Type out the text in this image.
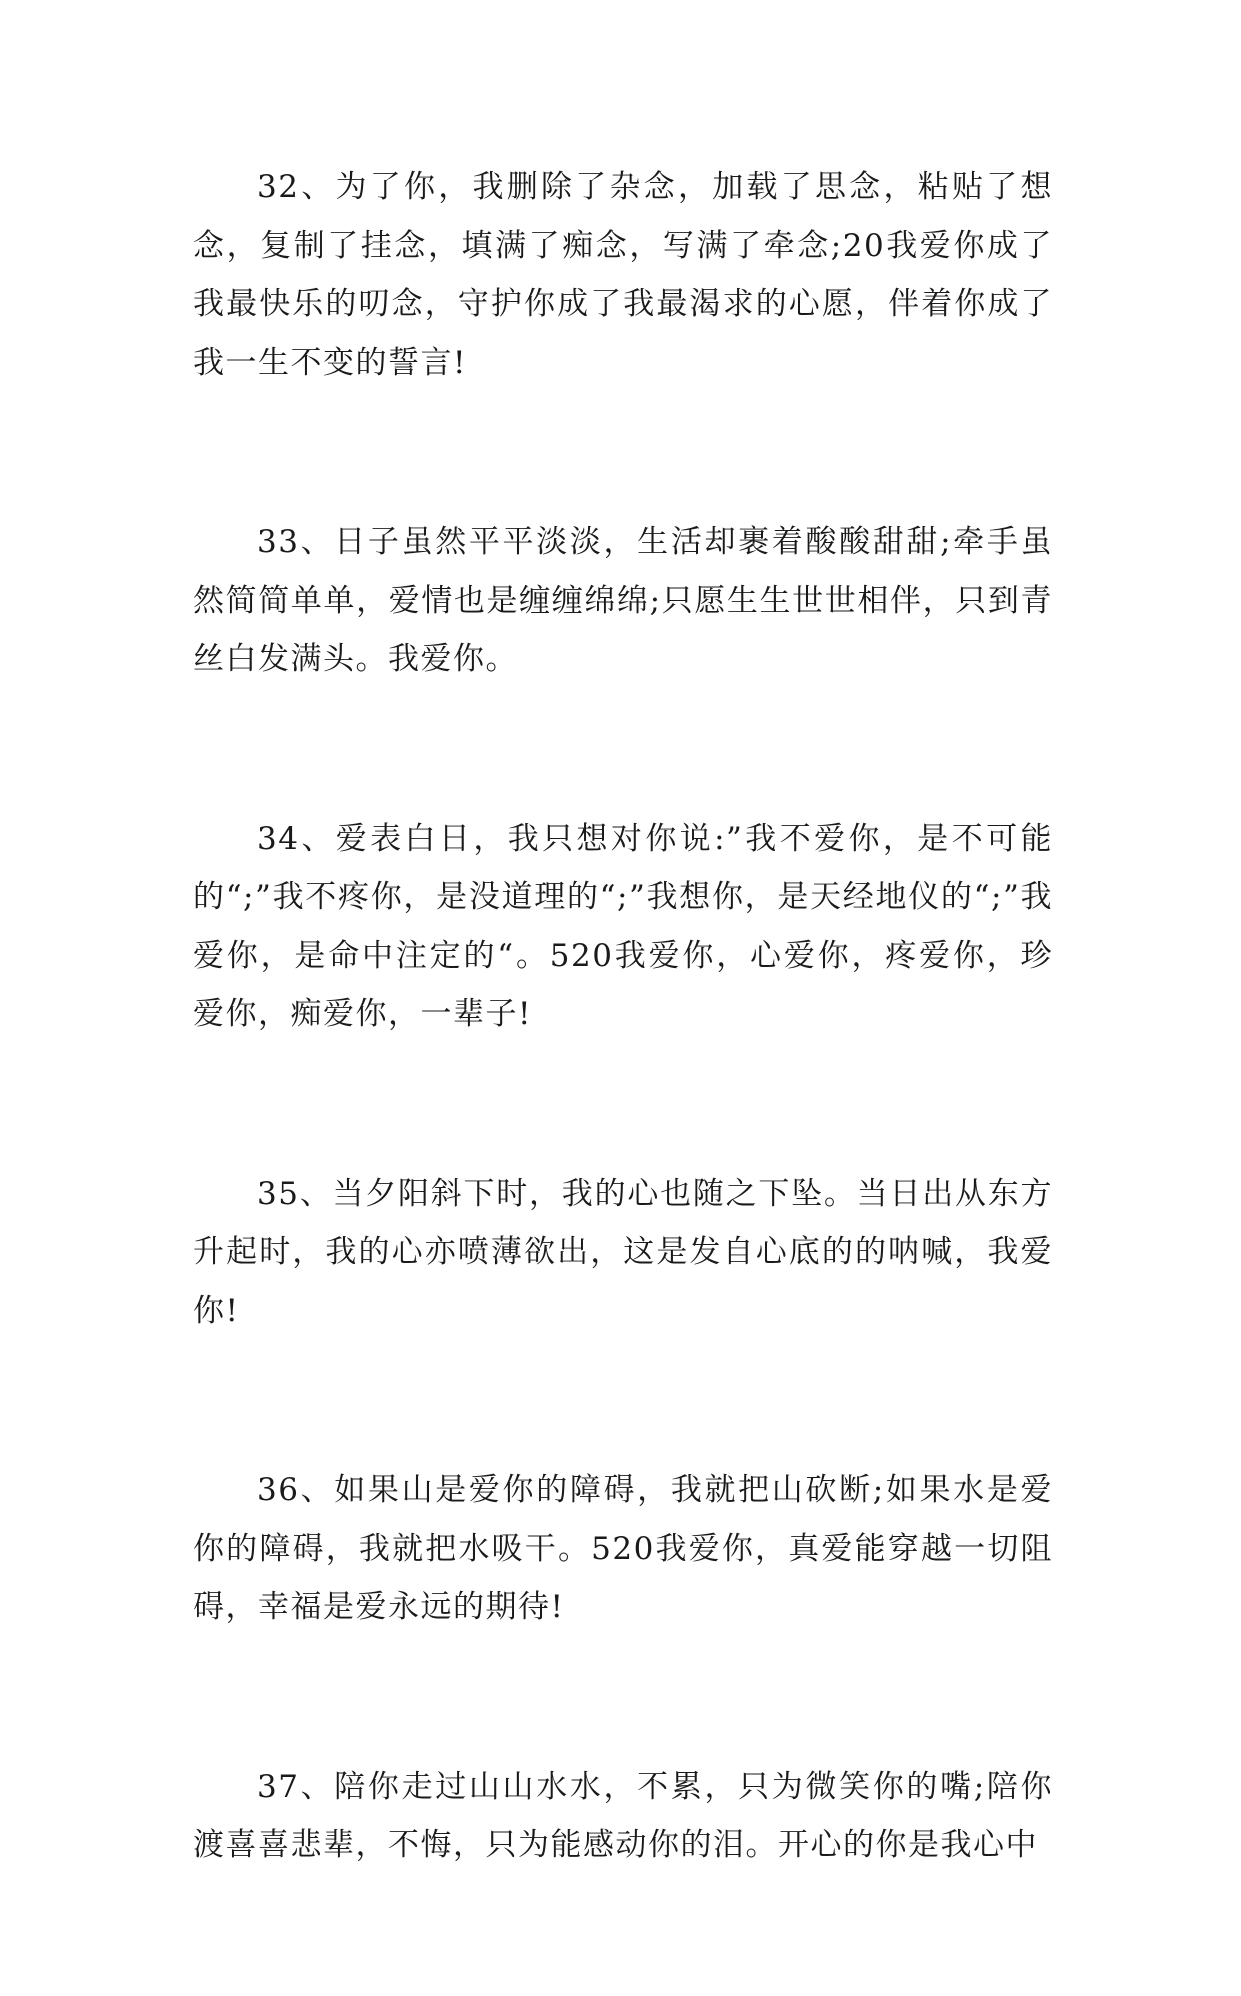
32、为了你，我删除了杂念，加载了思念，粘贴了想念，复制了挂念，填满了痴念，写满了牵念;20我爱你成了我最快乐的叨念，守护你成了我最渴求的心愿，伴着你成了我一生不变的誓言!

33、日子虽然平平淡淡，生活却裹着酸酸甜甜;牵手虽然简简单单，爱情也是缠缠绵绵;只愿生生世世相伴，只到青丝白发满头。我爱你。

34、爱表白日，我只想对你说:”我不爱你，是不可能的“;”我不疼你，是没道理的“;”我想你，是天经地仪的“;”我爱你，是命中注定的“。520我爱你，心爱你，疼爱你，珍爱你，痴爱你，一辈子!

35、当夕阳斜下时，我的心也随之下坠。当日出从东方升起时，我的心亦喷薄欲出，这是发自心底的的呐喊，我爱你!

36、如果山是爱你的障碍，我就把山砍断;如果水是爱你的障碍，我就把水吸干。520我爱你，真爱能穿越一切阻碍，幸福是爱永远的期待!

37、陪你走过山山水水，不累，只为微笑你的嘴;陪你渡喜喜悲辈，不悔，只为能感动你的泪。开心的你是我心中
